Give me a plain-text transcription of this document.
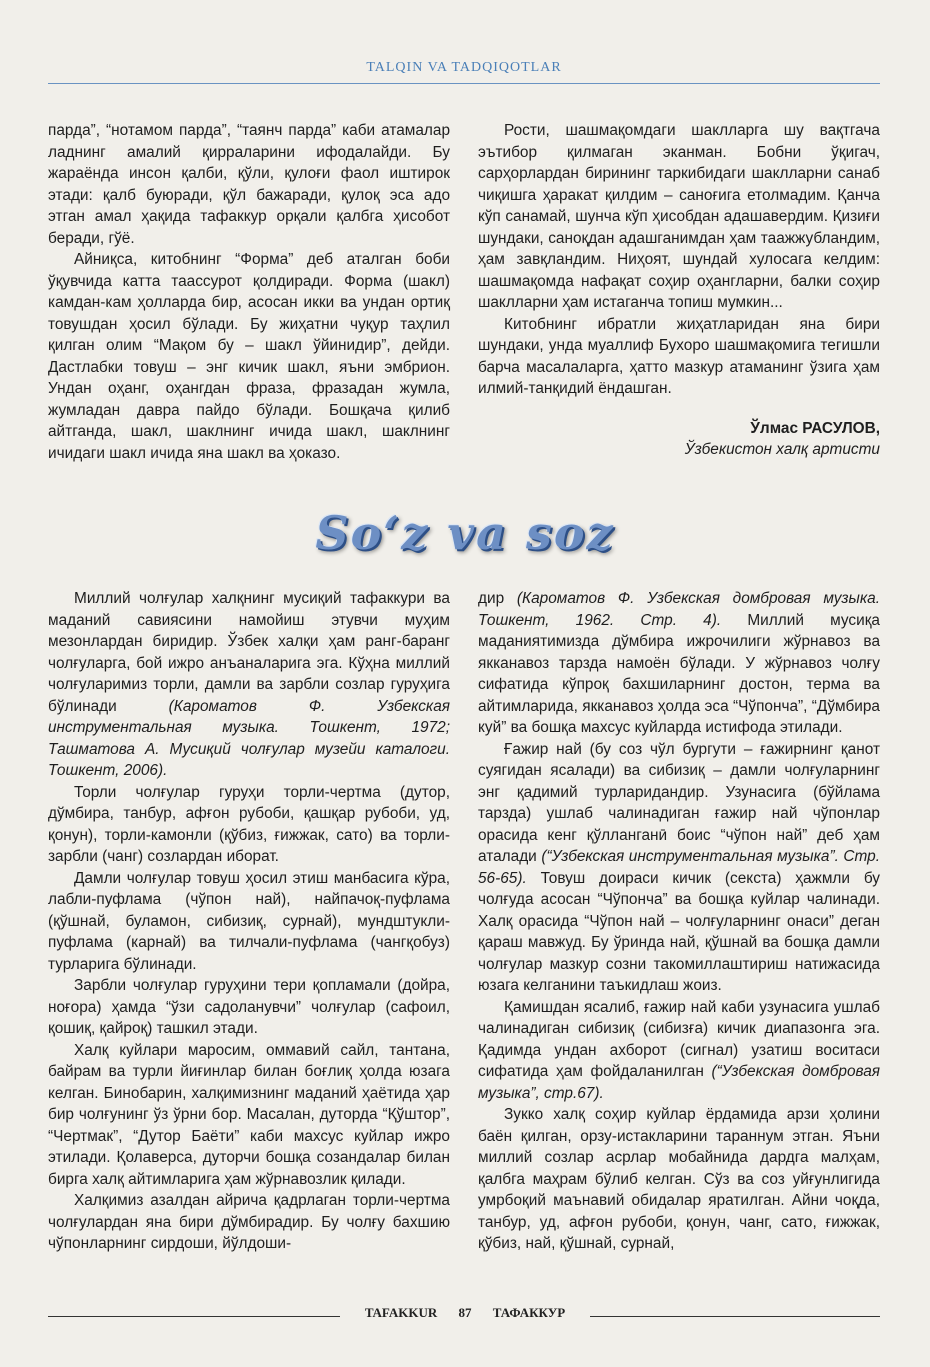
TALQIN VA TADQIQOTLAR

парда”, “нотамом парда”, “таянч парда” каби атамалар ладнинг амалий қирраларини ифодалайди. Бу жараёнда инсон қалби, қўли, қулоғи фаол иштирок этади: қалб буюради, қўл бажаради, қулоқ эса адо этган амал ҳақида тафаккур орқали қалбга ҳисобот беради, гўё.

Айниқса, китобнинг “Форма” деб аталган боби ўқувчида катта таассурот қолдиради. Форма (шакл) камдан-кам ҳолларда бир, асосан икки ва ундан ортиқ товушдан ҳосил бўлади. Бу жиҳатни чуқур таҳлил қилган олим “Мақом бу – шакл ўйинидир”, дейди. Дастлабки товуш – энг кичик шакл, яъни эмбрион. Ундан оҳанг, оҳангдан фраза, фразадан жумла, жумладан давра пайдо бўлади. Бошқача қилиб айтганда, шакл, шаклнинг ичида шакл, шаклнинг ичидаги шакл ичида яна шакл ва ҳоказо.

Рости, шашмақомдаги шаклларга шу вақтгача эътибор қилмаган эканман. Бобни ўқигач, сарҳорлардан бирининг таркибидаги шаклларни санаб чиқишга ҳаракат қилдим – саноғига етолмадим. Қанча кўп санамай, шунча кўп ҳисобдан адашавердим. Қизиғи шундаки, саноқдан адашганимдан ҳам таажжубландим, ҳам завқландим. Ниҳоят, шундай хулосага келдим: шашмақомда нафақат соҳир оҳангларни, балки соҳир шаклларни ҳам истаганча топиш мумкин...

Китобнинг ибратли жиҳатларидан яна бири шундаки, унда муаллиф Бухоро шашмақомига тегишли барча масалаларга, ҳатто мазкур атаманинг ўзига ҳам илмий-танқидий ёндашган.

Ўлмас РАСУЛОВ,
Ўзбекистон халқ артисти
So‘z va soz

Миллий чолғулар халқнинг мусиқий тафаккури ва маданий савиясини намойиш этувчи муҳим мезонлардан биридир. Ўзбек халқи ҳам ранг-баранг чолғуларга, бой ижро анъаналарига эга. Кўҳна миллий чолғуларимиз торли, дамли ва зарбли созлар гуруҳига бўлинади (Кароматов Ф. Узбекская инструментальная музыка. Тошкент, 1972; Ташматова А. Мусиқий чолғулар музейи каталоги. Тошкент, 2006).

Торли чолғулар гуруҳи торли-чертма (дутор, дўмбира, танбур, афғон рубоби, қашқар рубоби, уд, қонун), торли-камонли (қўбиз, ғижжак, сато) ва торли-зарбли (чанг) созлардан иборат.

Дамли чолғулар товуш ҳосил этиш манбасига кўра, лабли-пуфлама (чўпон най), найпачоқ-пуфлама (қўшнай, буламон, сибизиқ, сурнай), мундштукли-пуфлама (карнай) ва тилчали-пуфлама (чангқобуз) турларига бўлинади.

Зарбли чолғулар гуруҳини тери қопламали (дойра, ноғора) ҳамда “ўзи садоланувчи” чолғулар (сафоил, қошиқ, қайроқ) ташкил этади.

Халқ куйлари маросим, оммавий сайл, тантана, байрам ва турли йиғинлар билан боғлиқ ҳолда юзага келган. Бинобарин, халқимизнинг маданий ҳаётида ҳар бир чолғунинг ўз ўрни бор. Масалан, дуторда “Қўштор”, “Чертмак”, “Дутор Баёти” каби махсус куйлар ижро этилади. Қолаверса, дуторчи бошқа созандалар билан бирга халқ айтимларига ҳам жўрнавозлик қилади.

Халқимиз азалдан айрича қадрлаган торли-чертма чолғулардан яна бири дўмбирадир. Бу чолғу бахшию чўпонларнинг сирдоши, йўлдоши-

дир (Кароматов Ф. Узбекская домбровая музыка. Тошкент, 1962. Стр. 4). Миллий мусиқа маданиятимизда дўмбира ижрочилиги жўрнавоз ва якканавоз тарзда намоён бўлади. У жўрнавоз чолғу сифатида кўпроқ бахшиларнинг достон, терма ва айтимларида, якканавоз ҳолда эса “Чўпонча”, “Дўмбира куй” ва бошқа махсус куйларда истифода этилади.

Ғажир най (бу соз чўл бургути – ғажирнинг қанот суягидан ясалади) ва сибизиқ – дамли чолғуларнинг энг қадимий турларидандир. Узунасига (бўйлама тарзда) ушлаб чалинадиган ғажир най чўпонлар орасида кенг қўлланганӣ боис “чўпон най” деб ҳам аталади (“Узбекская инструментальная музыка”. Стр. 56-65). Товуш доираси кичик (секста) ҳажмли бу чолғуда асосан “Чўпонча” ва бошқа куйлар чалинади. Халқ орасида “Чўпон най – чолғуларнинг онаси” деган қараш мавжуд. Бу ўринда най, қўшнай ва бошқа дамли чолғулар мазкур созни такомиллаштириш натижасида юзага келганини таъкидлаш жоиз.

Қамишдан ясалиб, ғажир най каби узунасига ушлаб чалинадиган сибизиқ (сибизға) кичик диапазонга эга. Қадимда ундан ахборот (сигнал) узатиш воситаси сифатида ҳам фойдаланилган (“Узбекская домбровая музыка”, стр.67).

Зукко халқ соҳир куйлар ёрдамида арзи ҳолини баён қилган, орзу-истакларини тараннум этган. Яъни миллий созлар асрлар мобайнида дардга малҳам, қалбга маҳрам бўлиб келган. Сўз ва соз уйғунлигида умрбоқий маънавий обидалар яратилган. Айни чоқда, танбур, уд, афғон рубоби, қонун, чанг, сато, ғижжак, қўбиз, най, қўшнай, сурнай,

TAFAKKUR 87 ТАФАККУР
